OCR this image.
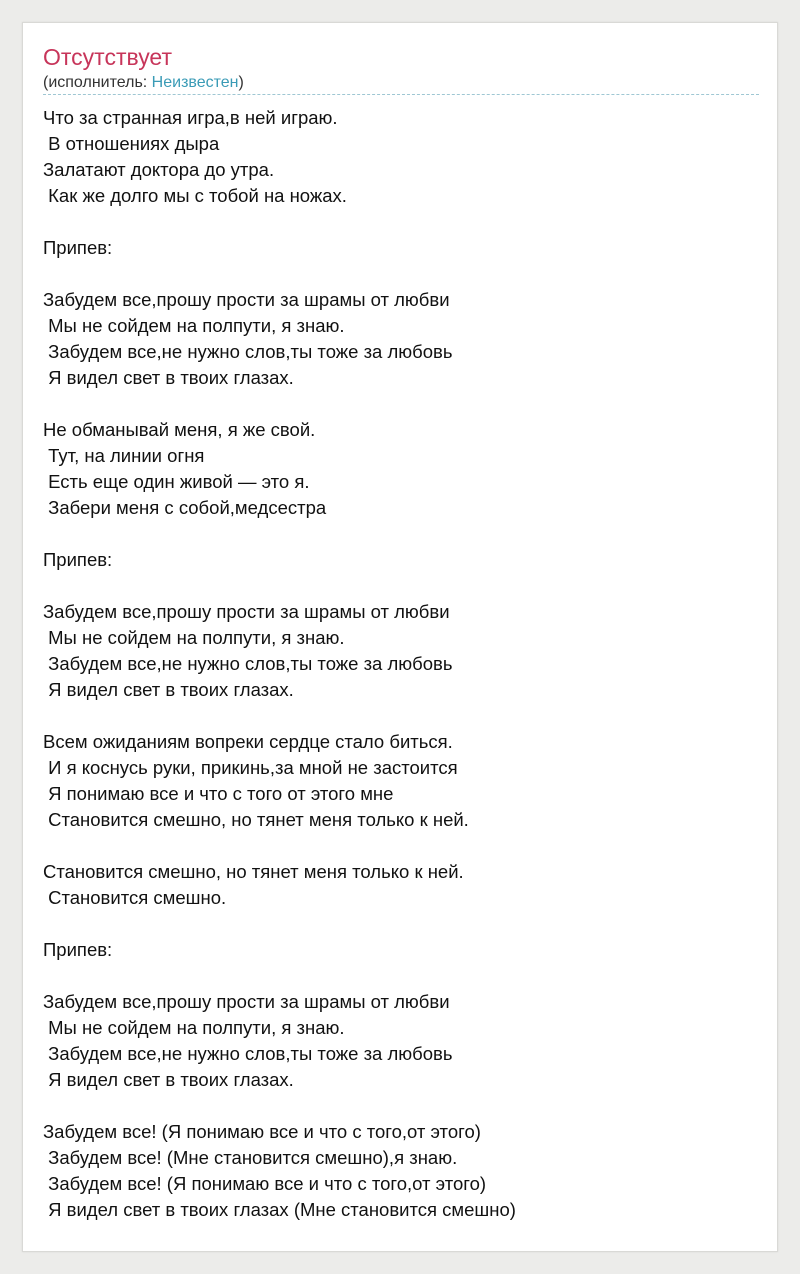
Отсутствует
(исполнитель: Неизвестен)
Что за странная игра,в ней играю.
В отношениях дыра
Залатают доктора до утра.
Как же долго мы с тобой на ножах.
Припев:
Забудем все,прошу прости за шрамы от любви
Мы не сойдем на полпути, я знаю.
Забудем все,не нужно слов,ты тоже за любовь
Я видел свет в твоих глазах.
Не обманывай меня, я же свой.
Тут, на линии огня
Есть еще один живой — это я.
Забери меня с собой,медсестра
Припев:
Забудем все,прошу прости за шрамы от любви
Мы не сойдем на полпути, я знаю.
Забудем все,не нужно слов,ты тоже за любовь
Я видел свет в твоих глазах.
Всем ожиданиям вопреки сердце стало биться.
И я коснусь руки, прикинь,за мной не застоится
Я понимаю все и что с того от этого мне
Становится смешно, но тянет меня только к ней.
Становится смешно, но тянет меня только к ней.
Становится смешно.
Припев:
Забудем все,прошу прости за шрамы от любви
Мы не сойдем на полпути, я знаю.
Забудем все,не нужно слов,ты тоже за любовь
Я видел свет в твоих глазах.
Забудем все! (Я понимаю все и что с того,от этого)
Забудем все! (Мне становится смешно),я знаю.
Забудем все! (Я понимаю все и что с того,от этого)
Я видел свет в твоих глазах (Мне становится смешно)
